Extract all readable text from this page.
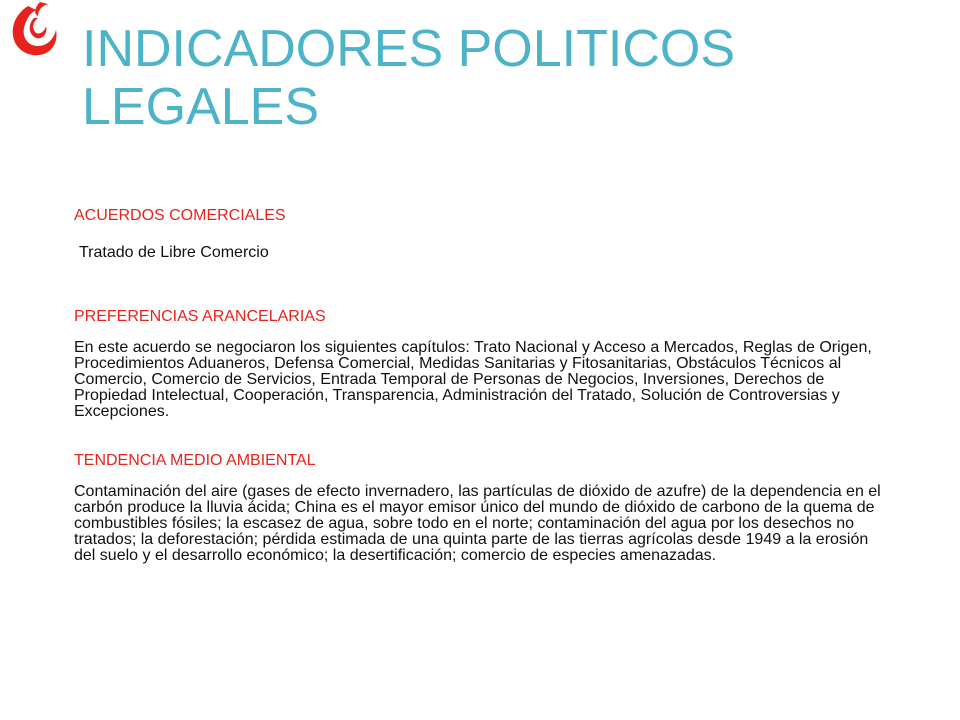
INDICADORES POLITICOS
LEGALES

ACUERDOS COMERCIALES

Tratado de Libre Comercio

PREFERENCIAS ARANCELARIAS

En este acuerdo se negociaron los siguientes capítulos: Trato Nacional y Acceso a Mercados, Reglas de Origen, Procedimientos Aduaneros, Defensa Comercial, Medidas Sanitarias y Fitosanitarias, Obstáculos Técnicos al Comercio, Comercio de Servicios, Entrada Temporal de Personas de Negocios, Inversiones, Derechos de Propiedad Intelectual, Cooperación, Transparencia, Administración del Tratado, Solución de Controversias y Excepciones.

TENDENCIA MEDIO AMBIENTAL

Contaminación del aire (gases de efecto invernadero, las partículas de dióxido de azufre) de la dependencia en el carbón produce la lluvia ácida; China es el mayor emisor único del mundo de dióxido de carbono de la quema de combustibles fósiles; la escasez de agua, sobre todo en el norte; contaminación del agua por los desechos no tratados; la deforestación; pérdida estimada de una quinta parte de las tierras agrícolas desde 1949 a la erosión del suelo y el desarrollo económico; la desertificación; comercio de especies amenazadas.
